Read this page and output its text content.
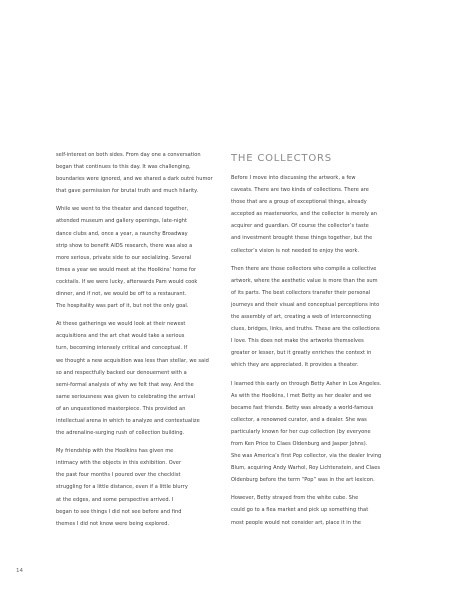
self-interest on both sides. From day one a conversation
began that continues to this day. It was challenging,
boundaries were ignored, and we shared a dark outré humor
that gave permission for brutal truth and much hilarity.

While we went to the theater and danced together,
attended museum and gallery openings, late-night
dance clubs and, once a year, a raunchy Broadway
strip show to benefit AIDS research, there was also a
more serious, private side to our socializing. Several
times a year we would meet at the Hoolkins’ home for
cocktails. If we were lucky, afterwards Pam would cook
dinner, and if not, we would be off to a restaurant.
The hospitality was part of it, but not the only goal.

At these gatherings we would look at their newest
acquisitions and the art chat would take a serious
turn, becoming intensely critical and conceptual. If
we thought a new acquisition was less than stellar, we said
so and respectfully backed our denouement with a
semi-formal analysis of why we felt that way. And the
same seriousness was given to celebrating the arrival
of an unquestioned masterpiece. This provided an
intellectual arena in which to analyze and contextualize
the adrenaline-surging rush of collection building.

My friendship with the Hoolkins has given me
intimacy with the objects in this exhibition. Over
the past four months I poured over the checklist
struggling for a little distance, even if a little blurry
at the edges, and some perspective arrived. I
began to see things I did not see before and find
themes I did not know were being explored.

THE COLLECTORS

Before I move into discussing the artwork, a few
caveats. There are two kinds of collections. There are
those that are a group of exceptional things, already
accepted as masterworks, and the collector is merely an
acquirer and guardian. Of course the collector’s taste
and investment brought these things together, but the
collector’s vision is not needed to enjoy the work.

Then there are those collectors who compile a collective
artwork, where the aesthetic value is more than the sum
of its parts. The best collectors transfer their personal
journeys and their visual and conceptual perceptions into
the assembly of art, creating a web of interconnecting
clues, bridges, links, and truths. These are the collections
I love. This does not make the artworks themselves
greater or lesser, but it greatly enriches the context in
which they are appreciated. It provides a theater.

I learned this early on through Betty Asher in Los Angeles.
As with the Hoolkins, I met Betty as her dealer and we
became fast friends. Betty was already a world-famous
collector, a renowned curator, and a dealer. She was
particularly known for her cup collection (by everyone
from Ken Price to Claes Oldenburg and Jasper Johns).
She was America’s first Pop collector, via the dealer Irving
Blum, acquiring Andy Warhol, Roy Lichtenstein, and Claes
Oldenburg before the term “Pop” was in the art lexicon.

However, Betty strayed from the white cube. She
could go to a flea market and pick up something that
most people would not consider art, place it in the

14
